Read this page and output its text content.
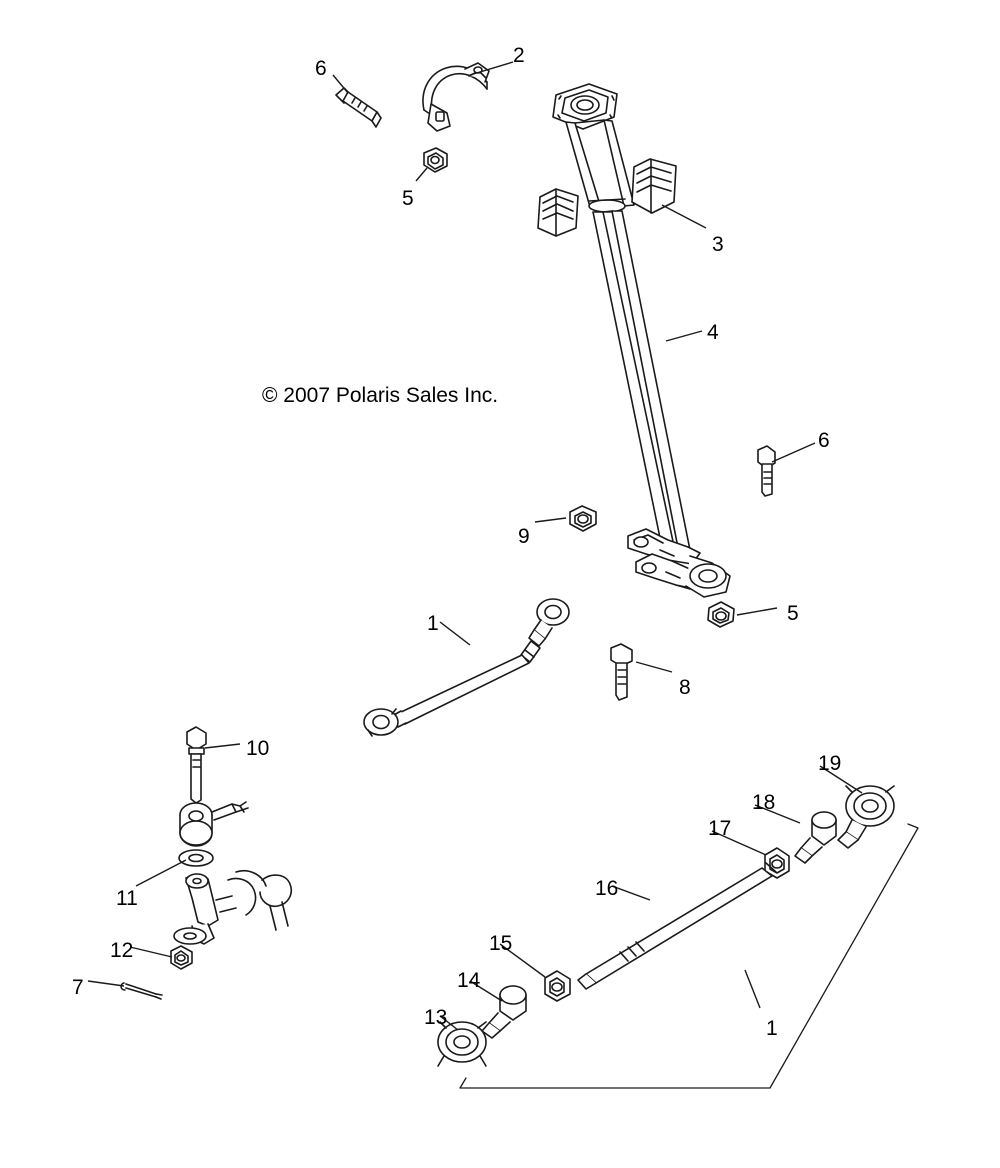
© 2007 Polaris Sales Inc.
6
2
5
3
4
6
9
5
1
8
10
19
18
17
11	16
12	15
7	14
1
13
